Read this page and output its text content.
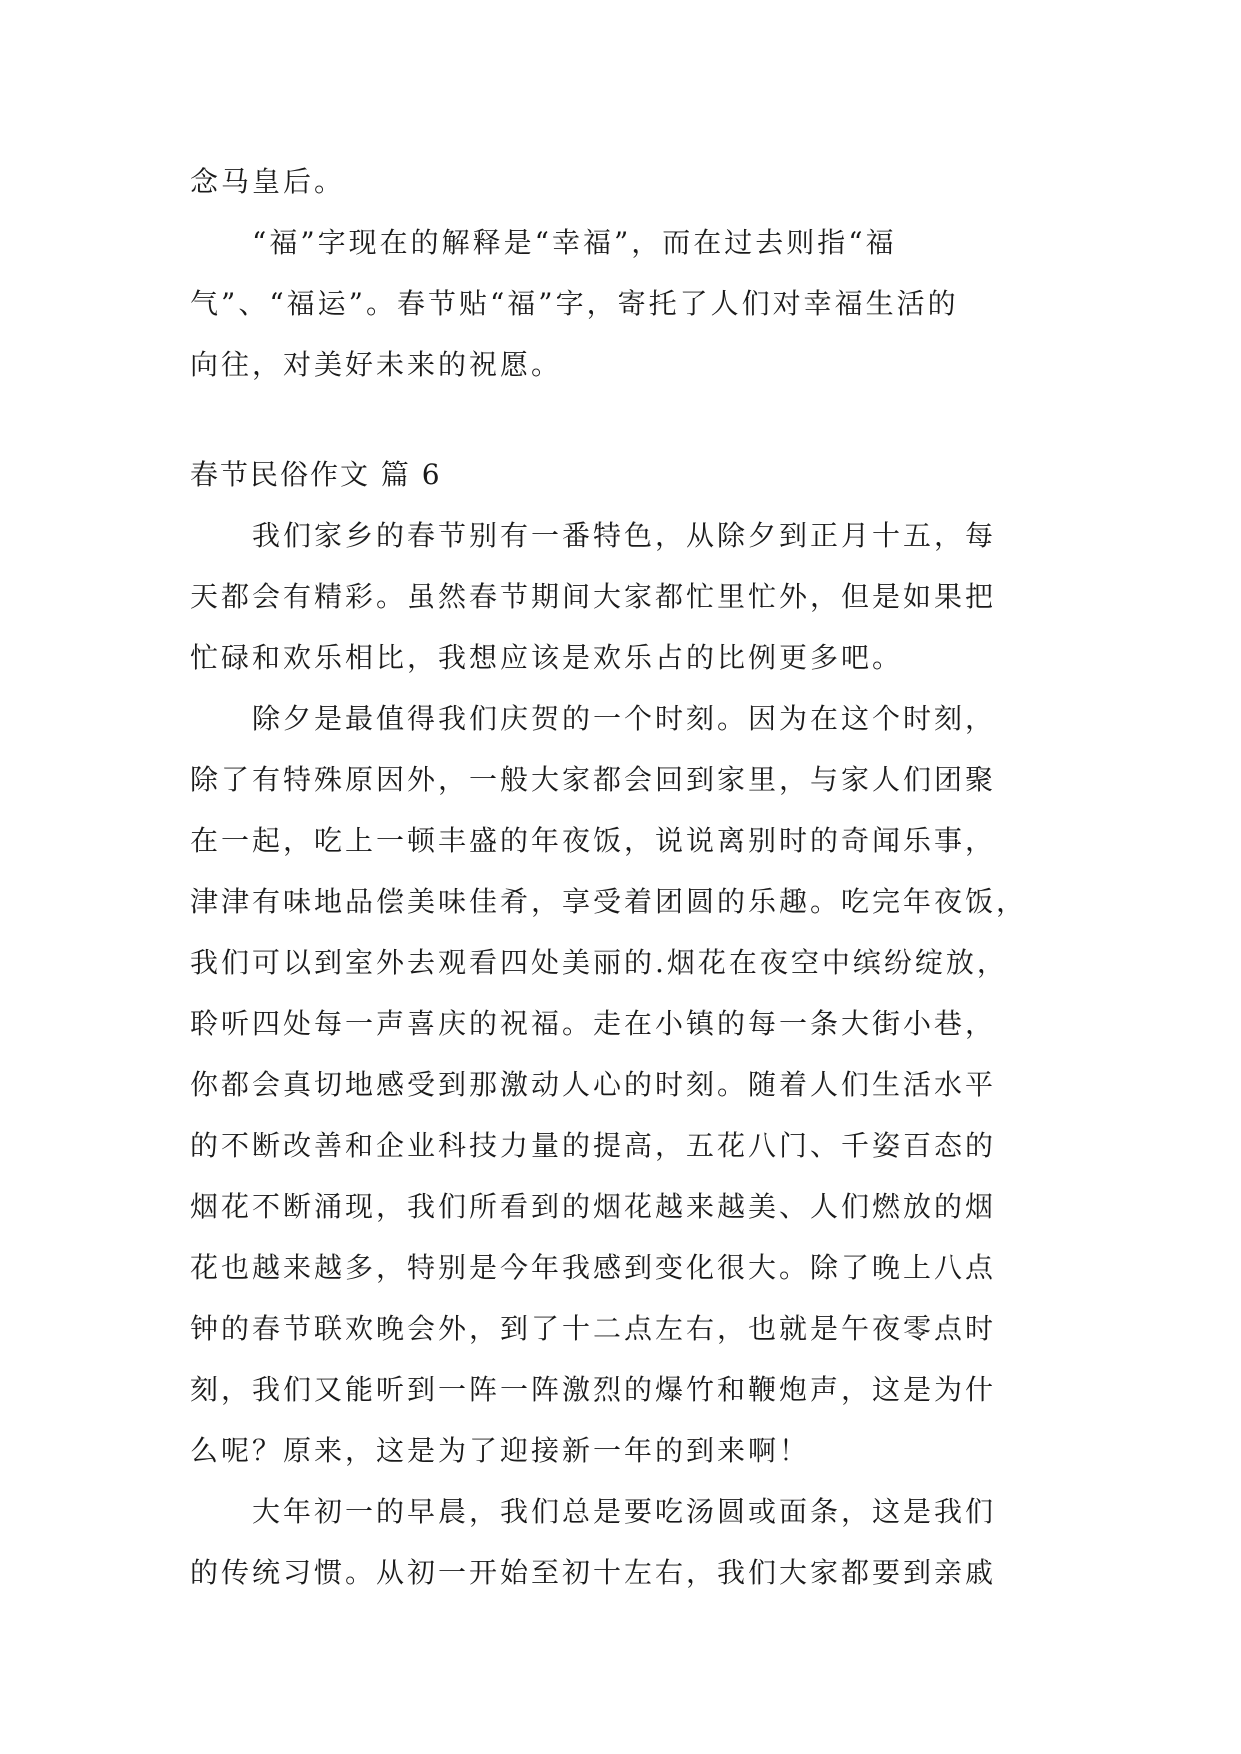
念马皇后。
“福”字现在的解释是“幸福”，而在过去则指“福
气”、“福运”。春节贴“福”字，寄托了人们对幸福生活的
向往，对美好未来的祝愿。
春节民俗作文 篇 6
我们家乡的春节别有一番特色，从除夕到正月十五，每
天都会有精彩。虽然春节期间大家都忙里忙外，但是如果把
忙碌和欢乐相比，我想应该是欢乐占的比例更多吧。
除夕是最值得我们庆贺的一个时刻。因为在这个时刻，
除了有特殊原因外，一般大家都会回到家里，与家人们团聚
在一起，吃上一顿丰盛的年夜饭，说说离别时的奇闻乐事，
津津有味地品偿美味佳肴，享受着团圆的乐趣。吃完年夜饭，
我们可以到室外去观看四处美丽的.烟花在夜空中缤纷绽放，
聆听四处每一声喜庆的祝福。走在小镇的每一条大街小巷，
你都会真切地感受到那激动人心的时刻。随着人们生活水平
的不断改善和企业科技力量的提高，五花八门、千姿百态的
烟花不断涌现，我们所看到的烟花越来越美、人们燃放的烟
花也越来越多，特别是今年我感到变化很大。除了晚上八点
钟的春节联欢晚会外，到了十二点左右，也就是午夜零点时
刻，我们又能听到一阵一阵激烈的爆竹和鞭炮声，这是为什
么呢？原来，这是为了迎接新一年的到来啊！
大年初一的早晨，我们总是要吃汤圆或面条，这是我们
的传统习惯。从初一开始至初十左右，我们大家都要到亲戚
